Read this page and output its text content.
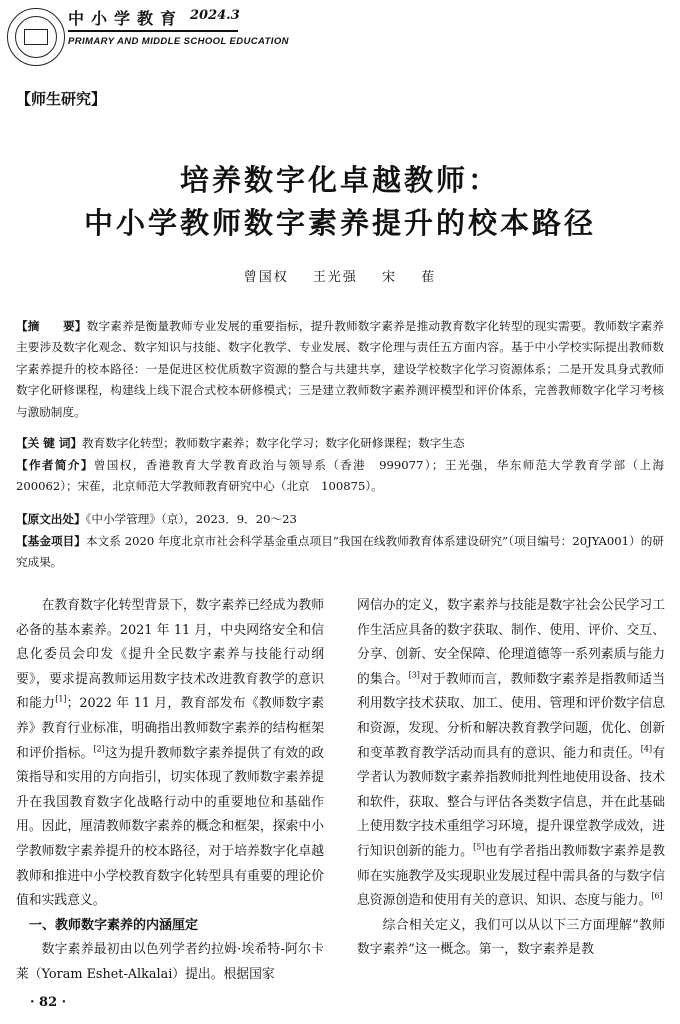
中小学教育 2024.3
PRIMARY AND MIDDLE SCHOOL EDUCATION
【师生研究】
培养数字化卓越教师：
中小学教师数字素养提升的校本路径
曾国权 王光强 宋 萑

【摘　　要】数字素养是衡量教师专业发展的重要指标，提升教师数字素养是推动教育数字化转型的现实需要。教师数字素养主要涉及数字化观念、数字知识与技能、数字化教学、专业发展、数字伦理与责任五方面内容。基于中小学校实际提出教师数字素养提升的校本路径：一是促进区校优质数字资源的整合与共建共享，建设学校数字化学习资源体系；二是开发具身式教师数字化研修课程，构建线上线下混合式校本研修模式；三是建立教师数字素养测评模型和评价体系，完善教师数字化学习考核与激励制度。

【关 键 词】教育数字化转型；教师数字素养；数字化学习；数字化研修课程；数字生态

【作者简介】曾国权，香港教育大学教育政治与领导系（香港　999077）；王光强，华东师范大学教育学部（上海　200062）；宋萑，北京师范大学教师教育研究中心（北京　100875）。

【原文出处】《中小学管理》（京），2023．9．20～23

【基金项目】本文系 2020 年度北京市社会科学基金重点项目“我国在线教师教育体系建设研究”（项目编号：20JYA001）的研究成果。

在教育数字化转型背景下，数字素养已经成为教师必备的基本素养。2021 年 11 月，中央网络安全和信息化委员会印发《提升全民数字素养与技能行动纲要》，要求提高教师运用数字技术改进教育教学的意识和能力[1]；2022 年 11 月，教育部发布《教师数字素养》教育行业标准，明确指出教师数字素养的结构框架和评价指标。[2]这为提升教师数字素养提供了有效的政策指导和实用的方向指引，切实体现了教师数字素养提升在我国教育数字化战略行动中的重要地位和基础作用。因此，厘清教师数字素养的概念和框架，探索中小学教师数字素养提升的校本路径，对于培养数字化卓越教师和推进中小学校教育数字化转型具有重要的理论价值和实践意义。

一、教师数字素养的内涵厘定

数字素养最初由以色列学者约拉姆·埃希特-阿尔卡莱（Yoram Eshet-Alkalai）提出。根据国家

网信办的定义，数字素养与技能是数字社会公民学习工作生活应具备的数字获取、制作、使用、评价、交互、分享、创新、安全保障、伦理道德等一系列素质与能力的集合。[3]对于教师而言，教师数字素养是指教师适当利用数字技术获取、加工、使用、管理和评价数字信息和资源，发现、分析和解决教育教学问题，优化、创新和变革教育教学活动而具有的意识、能力和责任。[4]有学者认为教师数字素养指教师批判性地使用设备、技术和软件，获取、整合与评估各类数字信息，并在此基础上使用数字技术重组学习环境，提升课堂教学成效，进行知识创新的能力。[5]也有学者指出教师数字素养是教师在实施教学及实现职业发展过程中需具备的与数字信息资源创造和使用有关的意识、知识、态度与能力。[6]

综合相关定义，我们可以从以下三方面理解“教师数字素养”这一概念。第一，数字素养是教

· 82 ·
